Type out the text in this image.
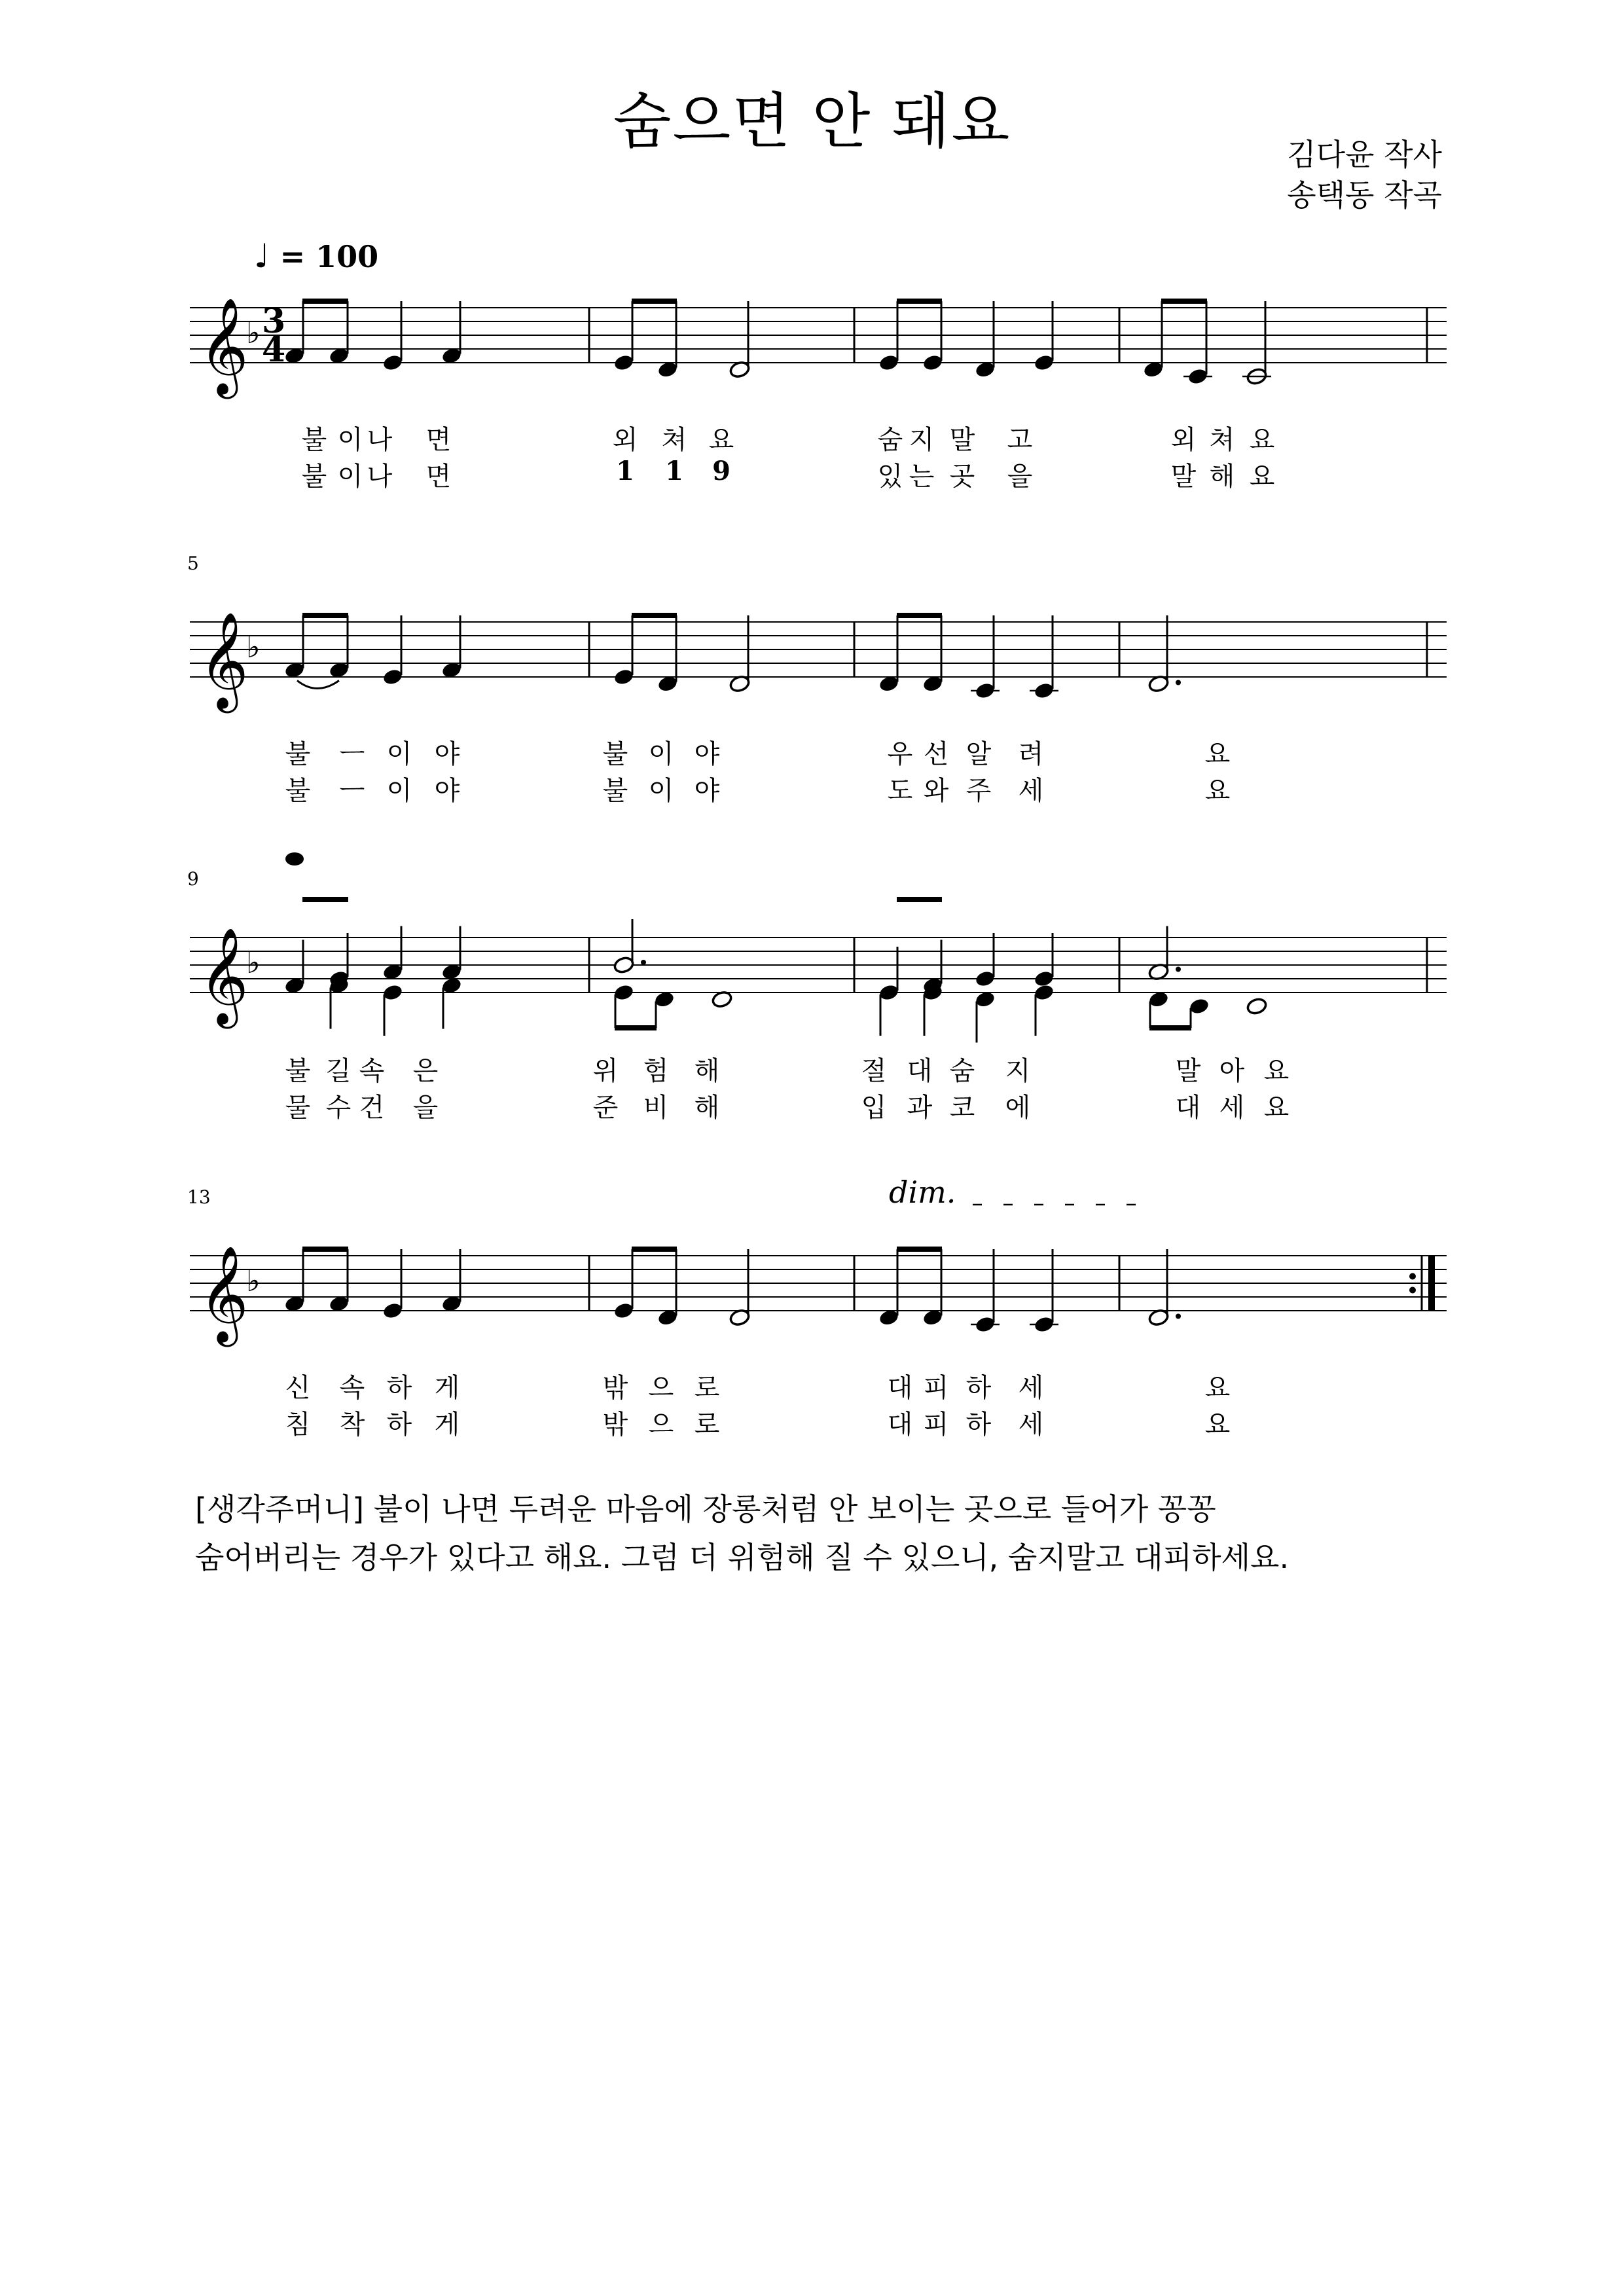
숨으면 안 돼요	김다윤 작사
송택동 작곡
♩ = 100
𝄞
♭ 3
4
불 이 나 면	외 쳐 요	숨 지 말 고	외 쳐 요
불 이 나 면	1 1 9	있 는 곳 을	말 해 요
𝄞
♭
5
불 ㅡ 이 야	불 이 야	우 선 알 려	요
불 ㅡ 이 야	불 이 야	도 와 주 세	요
𝄞
♭
9
불 길 속 은	위 험 해	절 대 숨 지	말 아 요
물 수 건 을	준 비 해	입 과 코 에	대 세 요
𝄞
♭
13	dim.
신 속 하 게	밖 으 로	대 피 하 세	요
침 착 하 게	밖 으 로	대 피 하 세	요
[생각주머니] 불이 나면 두려운 마음에 장롱처럼 안 보이는 곳으로 들어가 꽁꽁
숨어버리는 경우가 있다고 해요. 그럼 더 위험해 질 수 있으니, 숨지말고 대피하세요.
